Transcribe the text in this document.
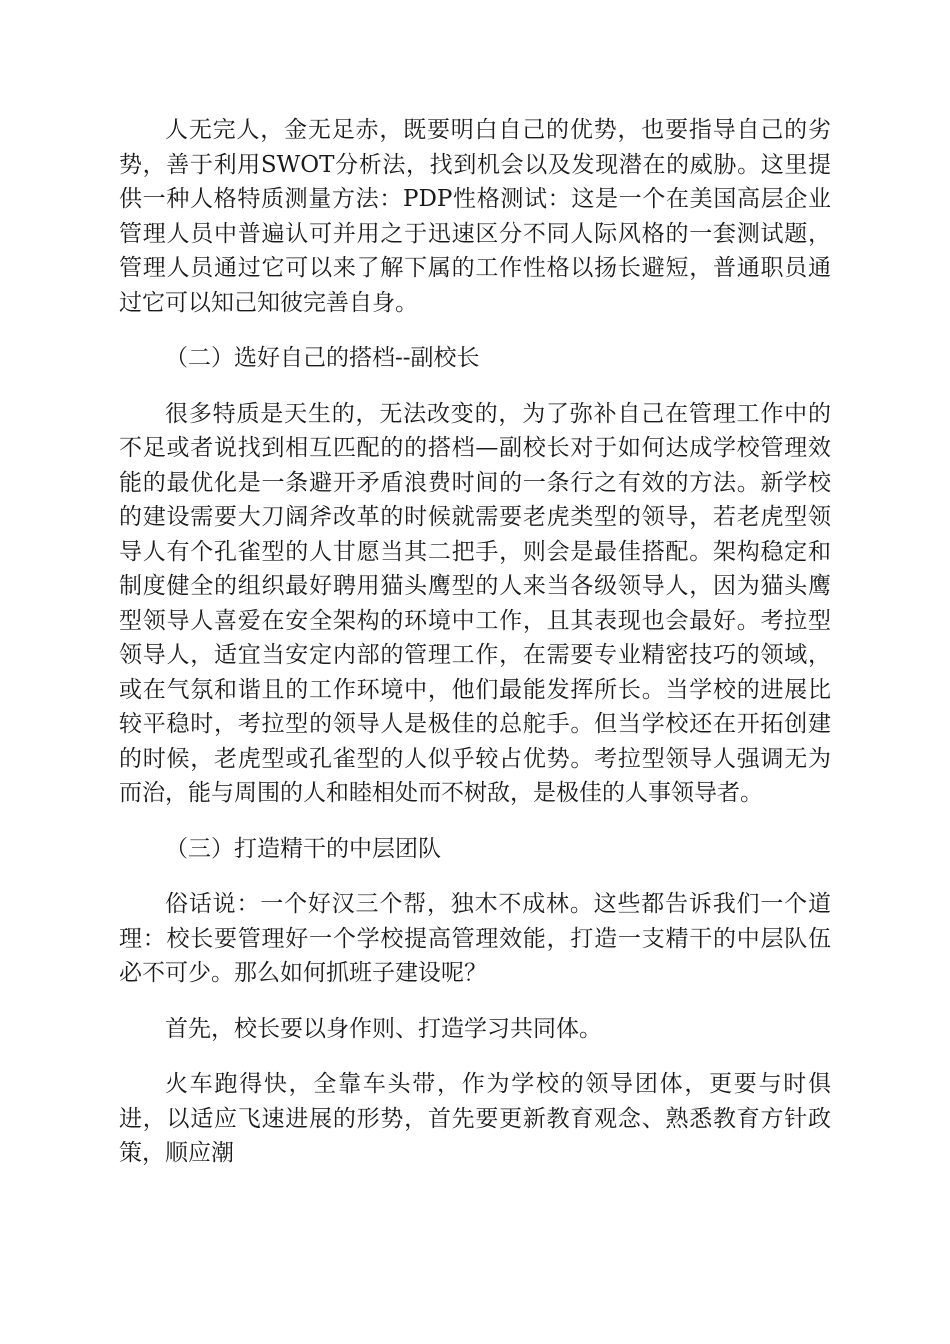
人无完人，金无足赤，既要明白自己的优势，也要指导自己的劣势，善于利用SWOT分析法，找到机会以及发现潜在的威胁。这里提供一种人格特质测量方法：PDP性格测试：这是一个在美国高层企业管理人员中普遍认可并用之于迅速区分不同人际风格的一套测试题，管理人员通过它可以来了解下属的工作性格以扬长避短，普通职员通过它可以知己知彼完善自身。

（二）选好自己的搭档--副校长

很多特质是天生的，无法改变的，为了弥补自己在管理工作中的不足或者说找到相互匹配的的搭档—副校长对于如何达成学校管理效能的最优化是一条避开矛盾浪费时间的一条行之有效的方法。新学校的建设需要大刀阔斧改革的时候就需要老虎类型的领导，若老虎型领导人有个孔雀型的人甘愿当其二把手，则会是最佳搭配。架构稳定和制度健全的组织最好聘用猫头鹰型的人来当各级领导人，因为猫头鹰型领导人喜爱在安全架构的环境中工作，且其表现也会最好。考拉型领导人，适宜当安定内部的管理工作，在需要专业精密技巧的领域，或在气氛和谐且的工作环境中，他们最能发挥所长。当学校的进展比较平稳时，考拉型的领导人是极佳的总舵手。但当学校还在开拓创建的时候，老虎型或孔雀型的人似乎较占优势。考拉型领导人强调无为而治，能与周围的人和睦相处而不树敌，是极佳的人事领导者。

（三）打造精干的中层团队

俗话说：一个好汉三个帮，独木不成林。这些都告诉我们一个道理：校长要管理好一个学校提高管理效能，打造一支精干的中层队伍必不可少。那么如何抓班子建设呢？

首先，校长要以身作则、打造学习共同体。

火车跑得快，全靠车头带，作为学校的领导团体，更要与时俱进，以适应飞速进展的形势，首先要更新教育观念、熟悉教育方针政策，顺应潮
